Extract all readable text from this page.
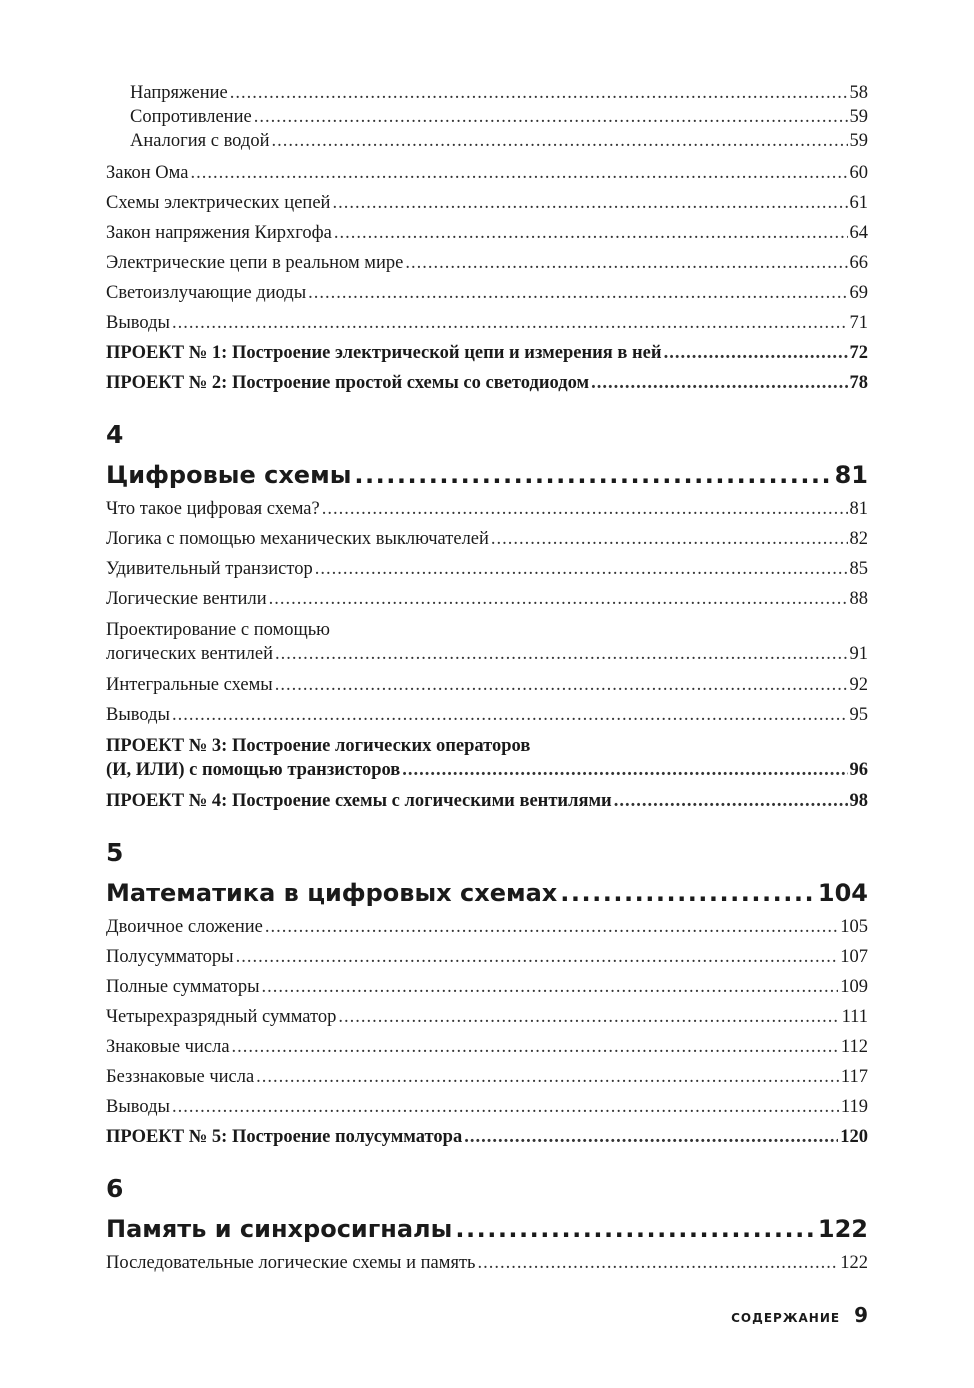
Напряжение .....	58
Сопротивление .....	59
Аналогия с водой .....	59
Закон Ома .....	60
Схемы электрических цепей .....	61
Закон напряжения Кирхгофа .....	64
Электрические цепи в реальном мире .....	66
Светоизлучающие диоды .....	69
Выводы .....	71
ПРОЕКТ № 1: Построение электрической цепи и измерения в ней .....	72
ПРОЕКТ № 2: Построение простой схемы со светодиодом .....	78
4
Цифровые схемы .....	81
Что такое цифровая схема? .....	81
Логика с помощью механических выключателей .....	82
Удивительный транзистор .....	85
Логические вентили .....	88
Проектирование с помощью
логических вентилей .....	91
Интегральные схемы .....	92
Выводы .....	95
ПРОЕКТ № 3: Построение логических операторов
(И, ИЛИ) с помощью транзисторов .....	96
ПРОЕКТ № 4: Построение схемы с логическими вентилями .....	98
5
Математика в цифровых схемах .....	104
Двоичное сложение .....	105
Полусумматоры .....	107
Полные сумматоры .....	109
Четырехразрядный сумматор .....	111
Знаковые числа .....	112
Беззнаковые числа .....	117
Выводы .....	119
ПРОЕКТ № 5: Построение полусумматора .....	120
6
Память и синхросигналы .....	122
Последовательные логические схемы и память .....	122
СОДЕРЖАНИЕ 9
